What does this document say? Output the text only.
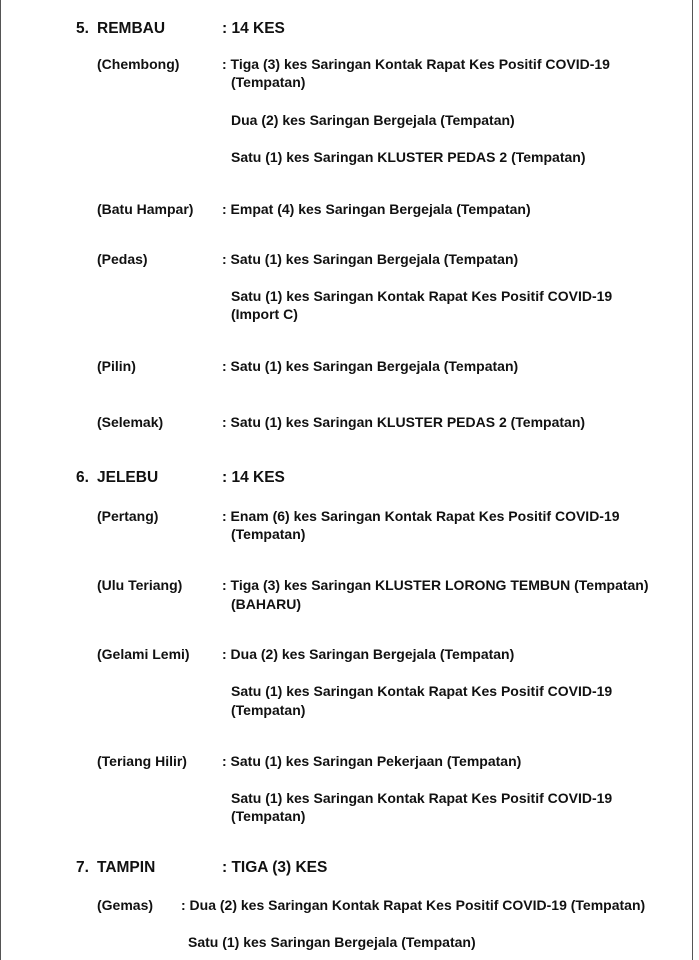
5. REMBAU	: 14 KES
(Chembong)	: Tiga (3) kes Saringan Kontak Rapat Kes Positif COVID-19
(Tempatan)
Dua (2) kes Saringan Bergejala (Tempatan)
Satu (1) kes Saringan KLUSTER PEDAS 2 (Tempatan)
(Batu Hampar) : Empat (4) kes Saringan Bergejala (Tempatan)
(Pedas)	: Satu (1) kes Saringan Bergejala (Tempatan)
Satu (1) kes Saringan Kontak Rapat Kes Positif COVID-19
(Import C)
(Pilin)	: Satu (1) kes Saringan Bergejala (Tempatan)
(Selemak)	: Satu (1) kes Saringan KLUSTER PEDAS 2 (Tempatan)
6. JELEBU	: 14 KES
(Pertang)	: Enam (6) kes Saringan Kontak Rapat Kes Positif COVID-19
(Tempatan)
(Ulu Teriang)	: Tiga (3) kes Saringan KLUSTER LORONG TEMBUN (Tempatan)
(BAHARU)
(Gelami Lemi) : Dua (2) kes Saringan Bergejala (Tempatan)
Satu (1) kes Saringan Kontak Rapat Kes Positif COVID-19
(Tempatan)
(Teriang Hilir)	: Satu (1) kes Saringan Pekerjaan (Tempatan)
Satu (1) kes Saringan Kontak Rapat Kes Positif COVID-19
(Tempatan)
7. TAMPIN	: TIGA (3) KES
(Gemas) : Dua (2) kes Saringan Kontak Rapat Kes Positif COVID-19 (Tempatan)
Satu (1) kes Saringan Bergejala (Tempatan)
